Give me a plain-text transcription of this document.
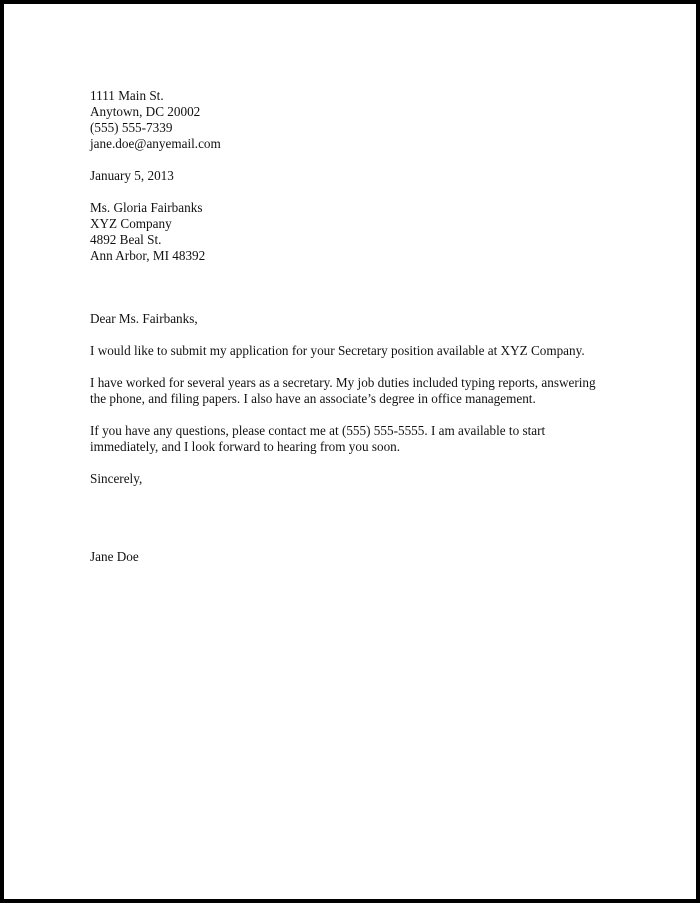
1111 Main St.
Anytown, DC 20002
(555) 555-7339
jane.doe@anyemail.com
January 5, 2013
Ms. Gloria Fairbanks
XYZ Company
4892 Beal St.
Ann Arbor, MI 48392
Dear Ms. Fairbanks,
I would like to submit my application for your Secretary position available at XYZ Company.
I have worked for several years as a secretary. My job duties included typing reports, answering
the phone, and filing papers. I also have an associate’s degree in office management.
If you have any questions, please contact me at (555) 555-5555. I am available to start
immediately, and I look forward to hearing from you soon.
Sincerely,
Jane Doe
